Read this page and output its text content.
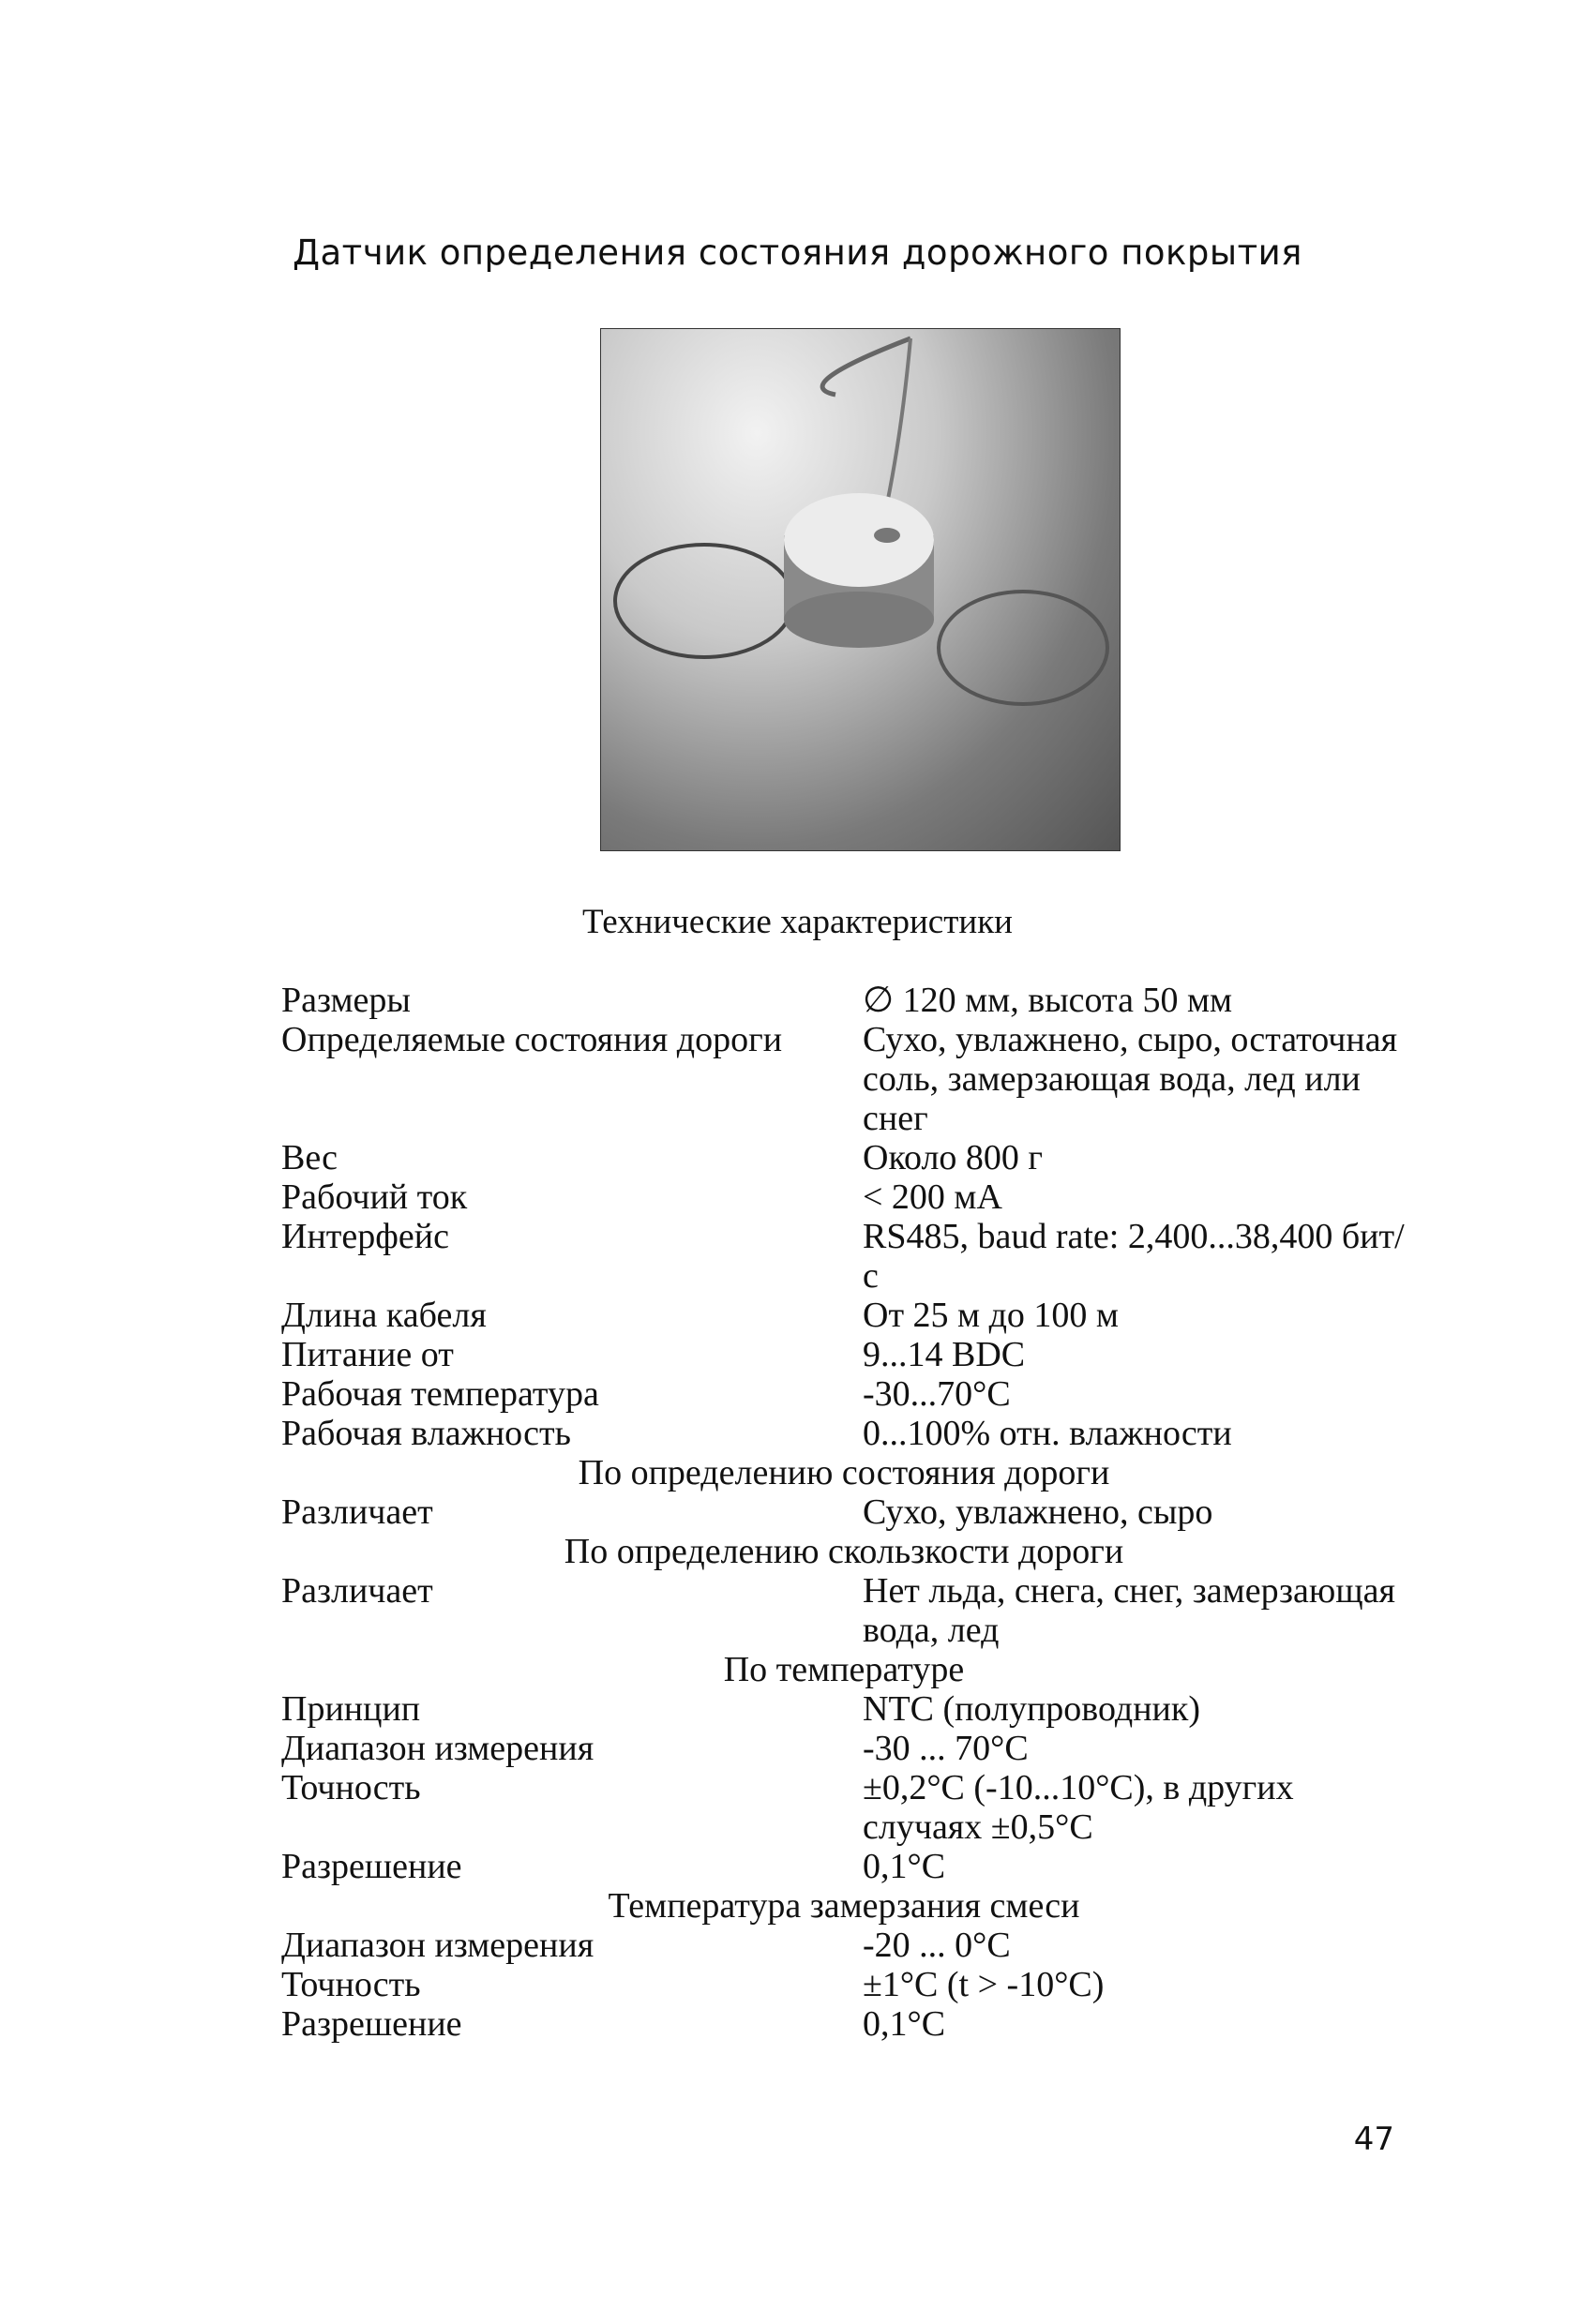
Датчик определения состояния дорожного покрытия
Технические характеристики
Размеры	∅ 120 мм, высота 50 мм
Определяемые состояния дороги	Сухо, увлажнено, сыро, остаточная соль, замерзающая вода, лед или снег
Вес	Около 800 г
Рабочий ток	< 200 мА
Интерфейс	RS485, baud rate: 2,400...38,400 бит/с
Длина кабеля	От 25 м до 100 м
Питание от	9...14 BDC
Рабочая температура	-30...70°C
Рабочая влажность	0...100% отн. влажности
По определению состояния дороги
Различает	Сухо, увлажнено, сыро
По определению скользкости дороги
Различает	Нет льда, снега, снег, замерзающая вода, лед
По температуре
Принцип	NTC (полупроводник)
Диапазон измерения	-30 ... 70°C
Точность	±0,2°C (-10...10°C), в других случаях ±0,5°C
Разрешение	0,1°C
Температура замерзания смеси
Диапазон измерения	-20 ... 0°C
Точность	±1°C (t > -10°C)
Разрешение	0,1°C
47
